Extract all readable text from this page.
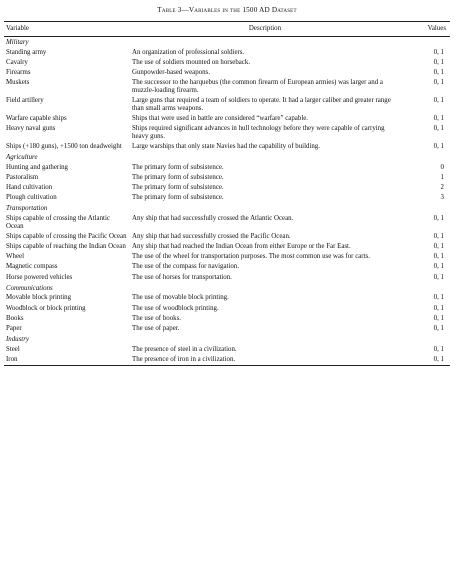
Table 3—Variables in the 1500 AD Dataset
Variable	Description	Values
Military		
Standing army	An organization of professional soldiers.	0, 1
Cavalry	The use of soldiers mounted on horseback.	0, 1
Firearms	Gunpowder-based weapons.	0, 1
Muskets	The successor to the harquebus (the common firearm of European armies) was larger and a muzzle-loading firearm.	0, 1
Field artillery	Large guns that required a team of soldiers to operate. It had a larger caliber and greater range than small arms weapons.	0, 1
Warfare capable ships	Ships that were used in battle are considered “warfare” capable.	0, 1
Heavy naval guns	Ships required significant advances in hull technology before they were capable of carrying heavy guns.	0, 1
Ships (+180 guns), +1500 ton deadweight	Large warships that only state Navies had the capability of building.	0, 1
Agriculture		
Hunting and gathering	The primary form of subsistence.	0
Pastoralism	The primary form of subsistence.	1
Hand cultivation	The primary form of subsistence.	2
Plough cultivation	The primary form of subsistence.	3
Transportation		
Ships capable of crossing the Atlantic Ocean	Any ship that had successfully crossed the Atlantic Ocean.	0, 1
Ships capable of crossing the Pacific Ocean	Any ship that had successfully crossed the Pacific Ocean.	0, 1
Ships capable of reaching the Indian Ocean	Any ship that had reached the Indian Ocean from either Europe or the Far East.	0, 1
Wheel	The use of the wheel for transportation purposes. The most common use was for carts.	0, 1
Magnetic compass	The use of the compass for navigation.	0, 1
Horse powered vehicles	The use of horses for transportation.	0, 1
Communications		
Movable block printing	The use of movable block printing.	0, 1
Woodblock or block printing	The use of woodblock printing.	0, 1
Books	The use of books.	0, 1
Paper	The use of paper.	0, 1
Industry		
Steel	The presence of steel in a civilization.	0, 1
Iron	The presence of iron in a civilization.	0, 1
